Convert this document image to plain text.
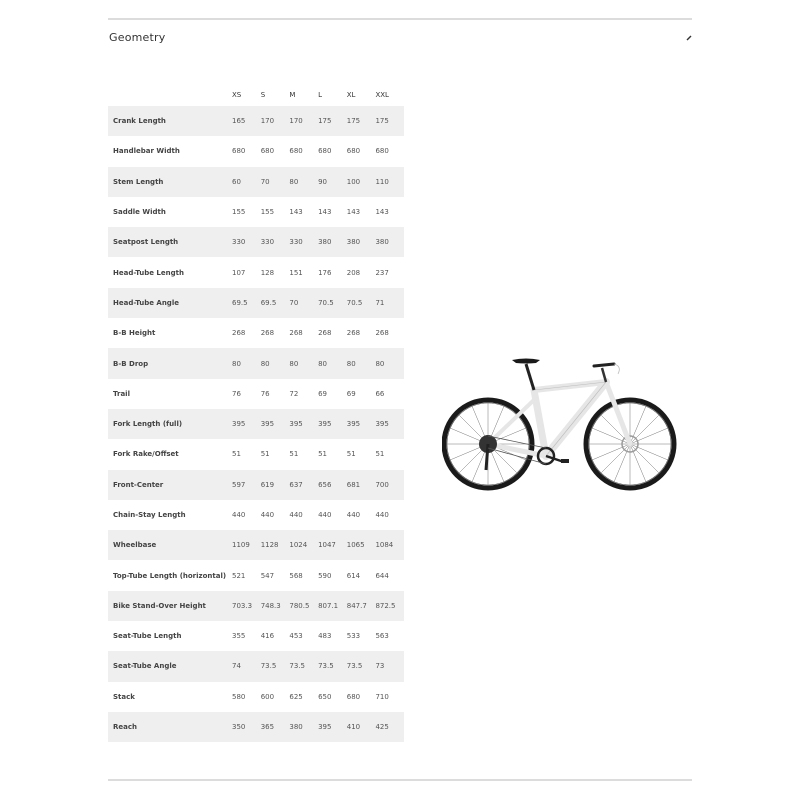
Geometry
	XS	S	M	L	XL	XXL
Crank Length	165	170	170	175	175	175
Handlebar Width	680	680	680	680	680	680
Stem Length	60	70	80	90	100	110
Saddle Width	155	155	143	143	143	143
Seatpost Length	330	330	330	380	380	380
Head-Tube Length	107	128	151	176	208	237
Head-Tube Angle	69.5	69.5	70	70.5	70.5	71
B-B Height	268	268	268	268	268	268
B-B Drop	80	80	80	80	80	80
Trail	76	76	72	69	69	66
Fork Length (full)	395	395	395	395	395	395
Fork Rake/Offset	51	51	51	51	51	51
Front-Center	597	619	637	656	681	700
Chain-Stay Length	440	440	440	440	440	440
Wheelbase	1109	1128	1024	1047	1065	1084
Top-Tube Length (horizontal)	521	547	568	590	614	644
Bike Stand-Over Height	703.3	748.3	780.5	807.1	847.7	872.5
Seat-Tube Length	355	416	453	483	533	563
Seat-Tube Angle	74	73.5	73.5	73.5	73.5	73
Stack	580	600	625	650	680	710
Reach	350	365	380	395	410	425
